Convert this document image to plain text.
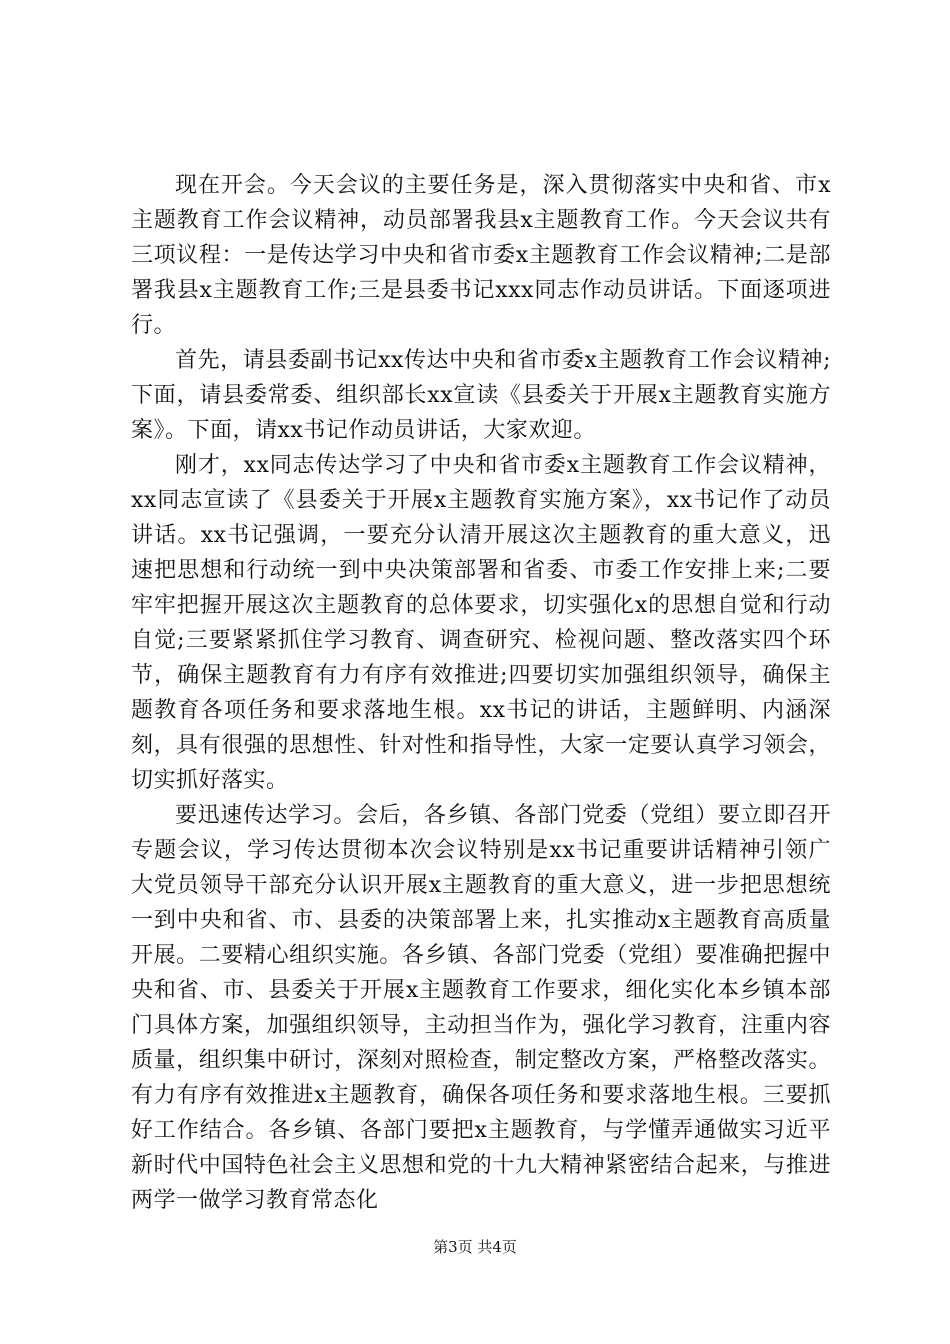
现在开会。今天会议的主要任务是，深入贯彻落实中央和省、市x主题教育工作会议精神，动员部署我县x主题教育工作。今天会议共有三项议程：一是传达学习中央和省市委x主题教育工作会议精神;二是部署我县x主题教育工作;三是县委书记xxx同志作动员讲话。下面逐项进行。

首先，请县委副书记xx传达中央和省市委x主题教育工作会议精神;下面，请县委常委、组织部长xx宣读《县委关于开展x主题教育实施方案》。下面，请xx书记作动员讲话，大家欢迎。

刚才，xx同志传达学习了中央和省市委x主题教育工作会议精神，xx同志宣读了《县委关于开展x主题教育实施方案》，xx书记作了动员讲话。xx书记强调，一要充分认清开展这次主题教育的重大意义，迅速把思想和行动统一到中央决策部署和省委、市委工作安排上来;二要牢牢把握开展这次主题教育的总体要求，切实强化x的思想自觉和行动自觉;三要紧紧抓住学习教育、调查研究、检视问题、整改落实四个环节，确保主题教育有力有序有效推进;四要切实加强组织领导，确保主题教育各项任务和要求落地生根。xx书记的讲话，主题鲜明、内涵深刻，具有很强的思想性、针对性和指导性，大家一定要认真学习领会，切实抓好落实。

要迅速传达学习。会后，各乡镇、各部门党委（党组）要立即召开专题会议，学习传达贯彻本次会议特别是xx书记重要讲话精神引领广大党员领导干部充分认识开展x主题教育的重大意义，进一步把思想统一到中央和省、市、县委的决策部署上来，扎实推动x主题教育高质量开展。二要精心组织实施。各乡镇、各部门党委（党组）要准确把握中央和省、市、县委关于开展x主题教育工作要求，细化实化本乡镇本部门具体方案，加强组织领导，主动担当作为，强化学习教育，注重内容质量，组织集中研讨，深刻对照检查，制定整改方案，严格整改落实。有力有序有效推进x主题教育，确保各项任务和要求落地生根。三要抓好工作结合。各乡镇、各部门要把x主题教育，与学懂弄通做实习近平新时代中国特色社会主义思想和党的十九大精神紧密结合起来，与推进两学一做学习教育常态化

第3页 共4页
